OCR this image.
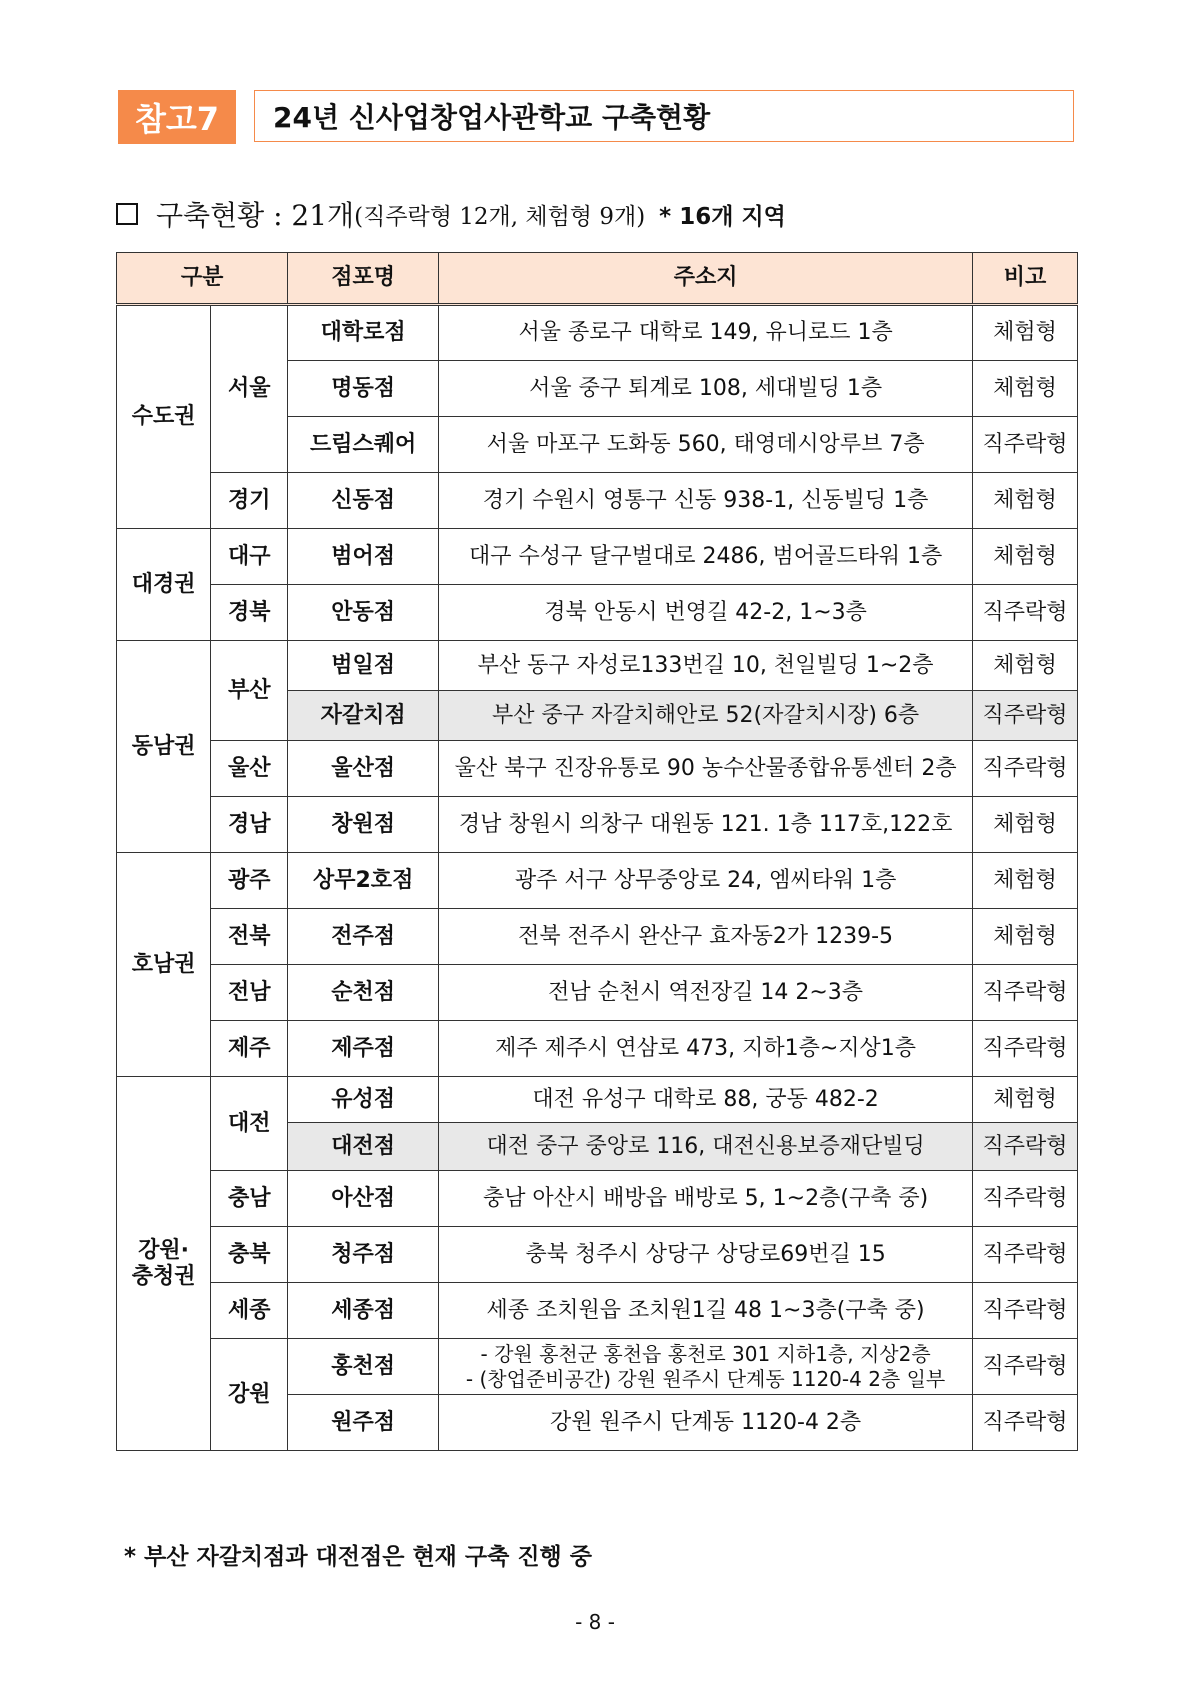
참고7	24년 신사업창업사관학교 구축현황
구축현황 : 21개 (직주락형 12개, 체험형 9개) * 16개 지역
구분		점포명	주소지	비고
수도권	서울	대학로점	서울 종로구 대학로 149, 유니로드 1층	체험형
		명동점	서울 중구 퇴계로 108, 세대빌딩 1층	체험형
		드림스퀘어	서울 마포구 도화동 560, 태영데시앙루브 7층	직주락형
	경기	신동점	경기 수원시 영통구 신동 938-1, 신동빌딩 1층	체험형
대경권	대구	범어점	대구 수성구 달구벌대로 2486, 범어골드타워 1층	체험형
	경북	안동점	경북 안동시 번영길 42-2, 1~3층	직주락형
동남권	부산	범일점	부산 동구 자성로133번길 10, 천일빌딩 1~2층	체험형
		자갈치점	부산 중구 자갈치해안로 52(자갈치시장) 6층	직주락형
	울산	울산점	울산 북구 진장유통로 90 농수산물종합유통센터 2층	직주락형
	경남	창원점	경남 창원시 의창구 대원동 121. 1층 117호,122호	체험형
호남권	광주	상무2호점	광주 서구 상무중앙로 24, 엠씨타워 1층	체험형
	전북	전주점	전북 전주시 완산구 효자동2가 1239-5	체험형
	전남	순천점	전남 순천시 역전장길 14 2~3층	직주락형
	제주	제주점	제주 제주시 연삼로 473, 지하1층~지상1층	직주락형
강원·
충청권	대전	유성점	대전 유성구 대학로 88, 궁동 482-2	체험형
		대전점	대전 중구 중앙로 116, 대전신용보증재단빌딩	직주락형
	충남	아산점	충남 아산시 배방읍 배방로 5, 1~2층(구축 중)	직주락형
	충북	청주점	충북 청주시 상당구 상당로69번길 15	직주락형
	세종	세종점	세종 조치원읍 조치원1길 48 1~3층(구축 중)	직주락형
	강원	홍천점	- 강원 홍천군 홍천읍 홍천로 301 지하1층, 지상2층
- (창업준비공간) 강원 원주시 단계동 1120-4 2층 일부	직주락형
		원주점	강원 원주시 단계동 1120-4 2층	직주락형
* 부산 자갈치점과 대전점은 현재 구축 진행 중
- 8 -
